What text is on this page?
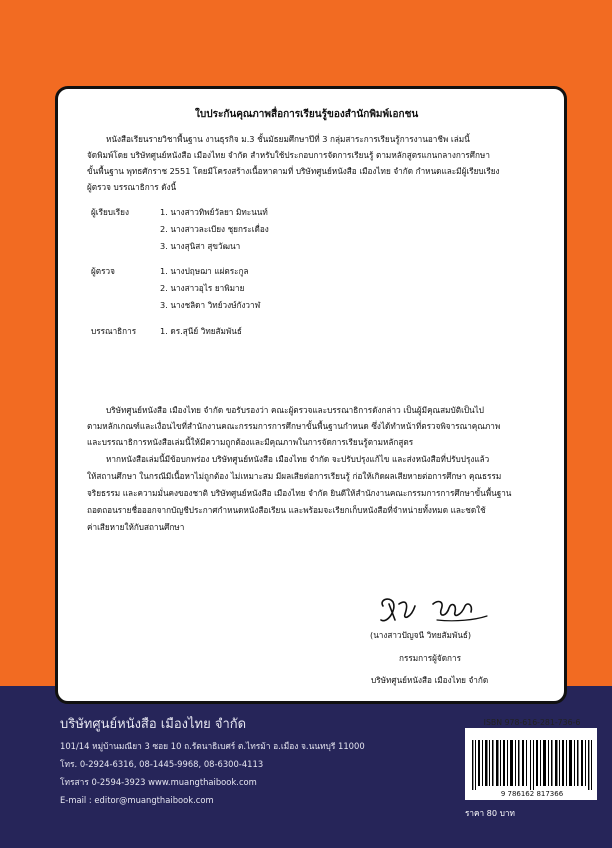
ใบประกันคุณภาพสื่อการเรียนรู้ของสำนักพิมพ์เอกชน
หนังสือเรียนรายวิชาพื้นฐาน งานธุรกิจ ม.3 ชั้นมัธยมศึกษาปีที่ 3 กลุ่มสาระการเรียนรู้การงานอาชีพ เล่มนี้
จัดพิมพ์โดย บริษัทศูนย์หนังสือ เมืองไทย จำกัด สำหรับใช้ประกอบการจัดการเรียนรู้ ตามหลักสูตรแกนกลางการศึกษา
ขั้นพื้นฐาน พุทธศักราช 2551 โดยมีโครงสร้างเนื้อหาตามที่ บริษัทศูนย์หนังสือ เมืองไทย จำกัด กำหนดและมีผู้เรียบเรียง
ผู้ตรวจ บรรณาธิการ ดังนี้
ผู้เรียบเรียง	1. นางสาวทิพย์วัลยา มิทะนนท์
2. นางสาวละเบียง ชุยกระเดื่อง
3. นางสุนิสา สุขวัฒนา
ผู้ตรวจ	1. นางปฤษฌา แผ่ตระกูล
2. นางสาวอุไร ยาพิมาย
3. นางชลิดา วิทย์วงษ์กังวาฬ
บรรณาธิการ	1. ดร.สุนีย์ วิทยสัมพันธ์
บริษัทศูนย์หนังสือ เมืองไทย จำกัด ขอรับรองว่า คณะผู้ตรวจและบรรณาธิการดังกล่าว เป็นผู้มีคุณสมบัติเป็นไป
ตามหลักเกณฑ์และเงื่อนไขที่สำนักงานคณะกรรมการการศึกษาขั้นพื้นฐานกำหนด ซึ่งได้ทำหน้าที่ตรวจพิจารณาคุณภาพ
และบรรณาธิการหนังสือเล่มนี้ให้มีความถูกต้องและมีคุณภาพในการจัดการเรียนรู้ตามหลักสูตร
หากหนังสือเล่มนี้มีข้อบกพร่อง บริษัทศูนย์หนังสือ เมืองไทย จำกัด จะปรับปรุงแก้ไข และส่งหนังสือที่ปรับปรุงแล้ว
ให้สถานศึกษา ในกรณีมีเนื้อหาไม่ถูกต้อง ไม่เหมาะสม มีผลเสียต่อการเรียนรู้ ก่อให้เกิดผลเสียหายต่อการศึกษา คุณธรรม
จริยธรรม และความมั่นคงของชาติ บริษัทศูนย์หนังสือ เมืองไทย จำกัด ยินดีให้สำนักงานคณะกรรมการการศึกษาขั้นพื้นฐาน
ถอดถอนรายชื่อออกจากบัญชีประกาศกำหนดหนังสือเรียน และพร้อมจะเรียกเก็บหนังสือที่จำหน่ายทั้งหมด และชดใช้
ค่าเสียหายให้กับสถานศึกษา
(นางสาวปัญจนี วิทยสัมพันธ์)
กรรมการผู้จัดการ
บริษัทศูนย์หนังสือ เมืองไทย จำกัด
บริษัทศูนย์หนังสือ เมืองไทย จำกัด
101/14 หมู่บ้านมณียา 3 ซอย 10 ถ.รัตนาธิเบศร์ ต.ไทรม้า อ.เมือง จ.นนทบุรี 11000
โทร. 0-2924-6316, 08-1445-9968, 08-6300-4113
โทรสาร 0-2594-3923 www.muangthaibook.com
E-mail : editor@muangthaibook.com
ISBN 978-616-281-736-6
9 786162 817366
ราคา 80 บาท
